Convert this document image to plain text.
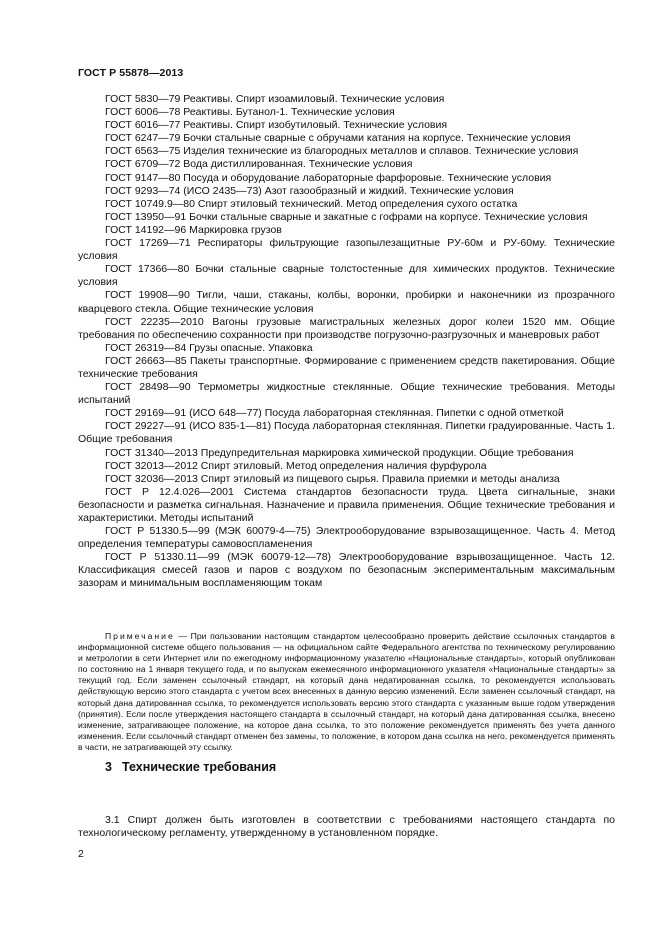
ГОСТ Р 55878—2013

ГОСТ 5830—79 Реактивы. Спирт изоамиловый. Технические условия

ГОСТ 6006—78 Реактивы. Бутанол-1. Технические условия

ГОСТ 6016—77 Реактивы. Спирт изобутиловый. Технические условия

ГОСТ 6247—79 Бочки стальные сварные с обручами катания на корпусе. Технические условия

ГОСТ 6563—75 Изделия технические из благородных металлов и сплавов. Технические условия

ГОСТ 6709—72 Вода дистиллированная. Технические условия

ГОСТ 9147—80 Посуда и оборудование лабораторные фарфоровые. Технические условия

ГОСТ 9293—74 (ИСО 2435—73) Азот газообразный и жидкий. Технические условия

ГОСТ 10749.9—80 Спирт этиловый технический. Метод определения сухого остатка

ГОСТ 13950—91 Бочки стальные сварные и закатные с гофрами на корпусе. Технические условия

ГОСТ 14192—96 Маркировка грузов

ГОСТ 17269—71 Респираторы фильтрующие газопылезащитные РУ-60м и РУ-60му. Технические условия

ГОСТ 17366—80 Бочки стальные сварные толстостенные для химических продуктов. Технические условия

ГОСТ 19908—90 Тигли, чаши, стаканы, колбы, воронки, пробирки и наконечники из прозрачного кварцевого стекла. Общие технические условия

ГОСТ 22235—2010 Вагоны грузовые магистральных железных дорог колеи 1520 мм. Общие требования по обеспечению сохранности при производстве погрузочно-разгрузочных и маневровых работ

ГОСТ 26319—84 Грузы опасные. Упаковка

ГОСТ 26663—85 Пакеты транспортные. Формирование с применением средств пакетирования. Общие технические требования

ГОСТ 28498—90 Термометры жидкостные стеклянные. Общие технические требования. Методы испытаний

ГОСТ 29169—91 (ИСО 648—77) Посуда лабораторная стеклянная. Пипетки с одной отметкой

ГОСТ 29227—91 (ИСО 835-1—81) Посуда лабораторная стеклянная. Пипетки градуированные. Часть 1. Общие требования

ГОСТ 31340—2013 Предупредительная маркировка химической продукции. Общие требования

ГОСТ 32013—2012 Спирт этиловый. Метод определения наличия фурфурола

ГОСТ 32036—2013 Спирт этиловый из пищевого сырья. Правила приемки и методы анализа

ГОСТ Р 12.4.026—2001 Система стандартов безопасности труда. Цвета сигнальные, знаки безопасности и разметка сигнальная. Назначение и правила применения. Общие технические требования и характеристики. Методы испытаний

ГОСТ Р 51330.5—99 (МЭК 60079-4—75) Электрооборудование взрывозащищенное. Часть 4. Метод определения температуры самовоспламенения

ГОСТ Р 51330.11—99 (МЭК 60079-12—78) Электрооборудование взрывозащищенное. Часть 12. Классификация смесей газов и паров с воздухом по безопасным экспериментальным максимальным зазорам и минимальным воспламеняющим токам

Примечание — При пользовании настоящим стандартом целесообразно проверить действие ссылочных стандартов в информационной системе общего пользования — на официальном сайте Федерального агентства по техническому регулированию и метрологии в сети Интернет или по ежегодному информационному указателю «Национальные стандарты», который опубликован по состоянию на 1 января текущего года, и по выпускам ежемесячного информационного указателя «Национальные стандарты» за текущий год. Если заменен ссылочный стандарт, на который дана недатированная ссылка, то рекомендуется использовать действующую версию этого стандарта с учетом всех внесенных в данную версию изменений. Если заменен ссылочный стандарт, на который дана датированная ссылка, то рекомендуется использовать версию этого стандарта с указанным выше годом утверждения (принятия). Если после утверждения настоящего стандарта в ссылочный стандарт, на который дана датированная ссылка, внесено изменение, затрагивающее положение, на которое дана ссылка, то это положение рекомендуется применять без учета данного изменения. Если ссылочный стандарт отменен без замены, то положение, в котором дана ссылка на него, рекомендуется применять в части, не затрагивающей эту ссылку.

3 Технические требования

3.1 Спирт должен быть изготовлен в соответствии с требованиями настоящего стандарта по технологическому регламенту, утвержденному в установленном порядке.

2
